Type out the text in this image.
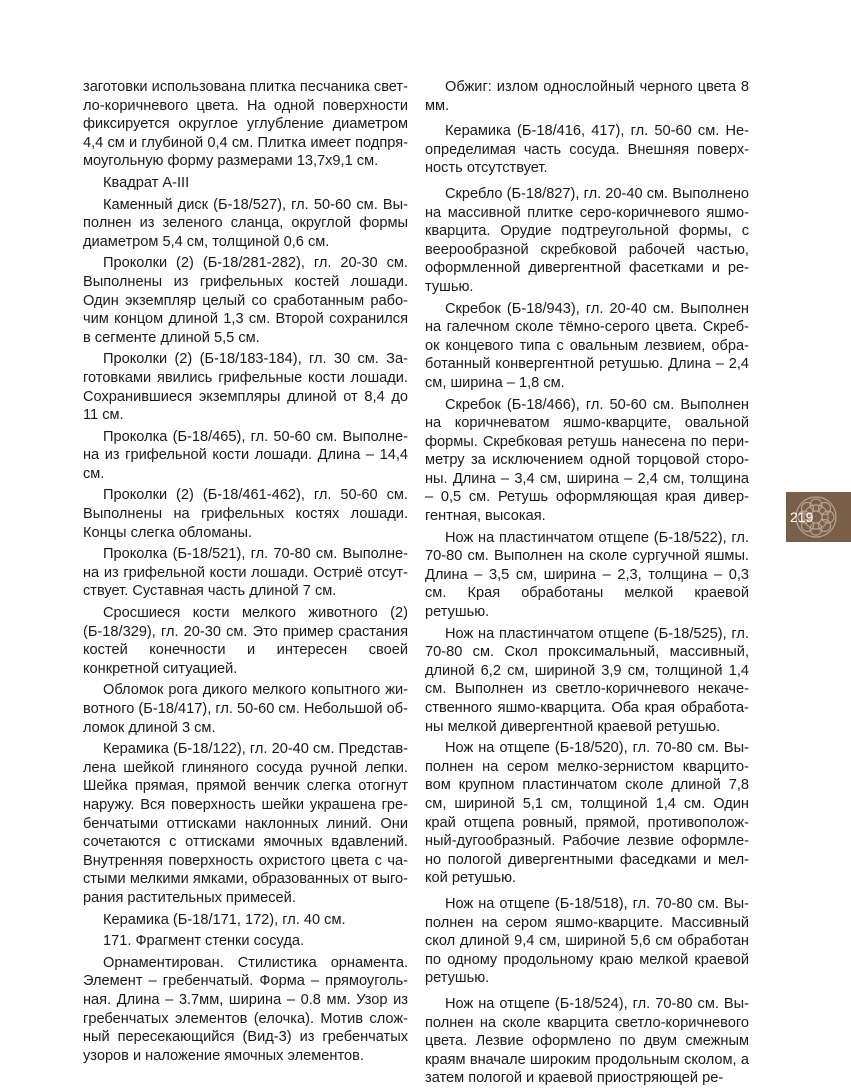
заготовки использована плитка песчаника светло-коричневого цвета. На одной поверхности фиксируется округлое углубление диаметром 4,4 см и глубиной 0,4 см. Плитка имеет подпрямоугольную форму размерами 13,7х9,1 см.

Квадрат А-III

Каменный диск (Б-18/527), гл. 50-60 см. Выполнен из зеленого сланца, округлой формы диаметром 5,4 см, толщиной 0,6 см.

Проколки (2) (Б-18/281-282), гл. 20-30 см. Выполнены из грифельных костей лошади. Один экземпляр целый со сработанным рабочим концом длиной 1,3 см. Второй сохранился в сегменте длиной 5,5 см.

Проколки (2) (Б-18/183-184), гл. 30 см. Заготовками явились грифельные кости лошади. Сохранившиеся экземпляры длиной от 8,4 до 11 см.

Проколка (Б-18/465), гл. 50-60 см. Выполнена из грифельной кости лошади. Длина – 14,4 см.

Проколки (2) (Б-18/461-462), гл. 50-60 см. Выполнены на грифельных костях лошади. Концы слегка обломаны.

Проколка (Б-18/521), гл. 70-80 см. Выполнена из грифельной кости лошади. Остриё отсутствует. Суставная часть длиной 7 см.

Сросшиеся кости мелкого животного (2) (Б-18/329), гл. 20-30 см. Это пример срастания костей конечности и интересен своей конкретной ситуацией.

Обломок рога дикого мелкого копытного животного (Б-18/417), гл. 50-60 см. Небольшой обломок длиной 3 см.

Керамика (Б-18/122), гл. 20-40 см. Представлена шейкой глиняного сосуда ручной лепки. Шейка прямая, прямой венчик слегка отогнут наружу. Вся поверхность шейки украшена гребенчатыми оттисками наклонных линий. Они сочетаются с оттисками ямочных вдавлений. Внутренняя поверхность охристого цвета с частыми мелкими ямками, образованных от выгорания растительных примесей.

Керамика (Б-18/171, 172), гл. 40 см.

171. Фрагмент стенки сосуда.

Орнаментирован. Стилистика орнамента. Элемент – гребенчатый. Форма – прямоугольная. Длина – 3.7мм, ширина – 0.8 мм. Узор из гребенчатых элементов (елочка). Мотив сложный пересекающийся (Вид-3) из гребенчатых узоров и наложение ямочных элементов.

Обжиг: излом однослойный черного цвета 8 мм.

Керамика (Б-18/416, 417), гл. 50-60 см. Неопределимая часть сосуда. Внешняя поверхность отсутствует.

Скребло (Б-18/827), гл. 20-40 см. Выполнено на массивной плитке серо-коричневого яшмо-кварцита. Орудие подтреугольной формы, с веерообразной скребковой рабочей частью, оформленной дивергентной фасетками и ретушью.

Скребок (Б-18/943), гл. 20-40 см. Выполнен на галечном сколе тёмно-серого цвета. Скребок концевого типа с овальным лезвием, обработанный конвергентной ретушью. Длина – 2,4 см, ширина – 1,8 см.

Скребок (Б-18/466), гл. 50-60 см. Выполнен на коричневатом яшмо-кварците, овальной формы. Скребковая ретушь нанесена по периметру за исключением одной торцовой стороны. Длина – 3,4 см, ширина – 2,4 см, толщина – 0,5 см. Ретушь оформляющая края дивергентная, высокая.

Нож на пластинчатом отщепе (Б-18/522), гл. 70-80 см. Выполнен на сколе сургучной яшмы. Длина – 3,5 см, ширина – 2,3, толщина – 0,3 см. Края обработаны мелкой краевой ретушью.

Нож на пластинчатом отщепе (Б-18/525), гл. 70-80 см. Скол проксимальный, массивный, длиной 6,2 см, шириной 3,9 см, толщиной 1,4 см. Выполнен из светло-коричневого некачественного яшмо-кварцита. Оба края обработаны мелкой дивергентной краевой ретушью.

Нож на отщепе (Б-18/520), гл. 70-80 см. Выполнен на сером мелко-зернистом кварцитовом крупном пластинчатом сколе длиной 7,8 см, шириной 5,1 см, толщиной 1,4 см. Один край отщепа ровный, прямой, противоположный-дугообразный. Рабочие лезвие оформлено пологой дивергентными фаседками и мелкой ретушью.

Нож на отщепе (Б-18/518), гл. 70-80 см. Выполнен на сером яшмо-кварците. Массивный скол длиной 9,4 см, шириной 5,6 см обработан по одному продольному краю мелкой краевой ретушью.

Нож на отщепе (Б-18/524), гл. 70-80 см. Выполнен на сколе кварцита светло-коричневого цвета. Лезвие оформлено по двум смежным краям вначале широким продольным сколом, а затем пологой и краевой приостряющей ре-

219
